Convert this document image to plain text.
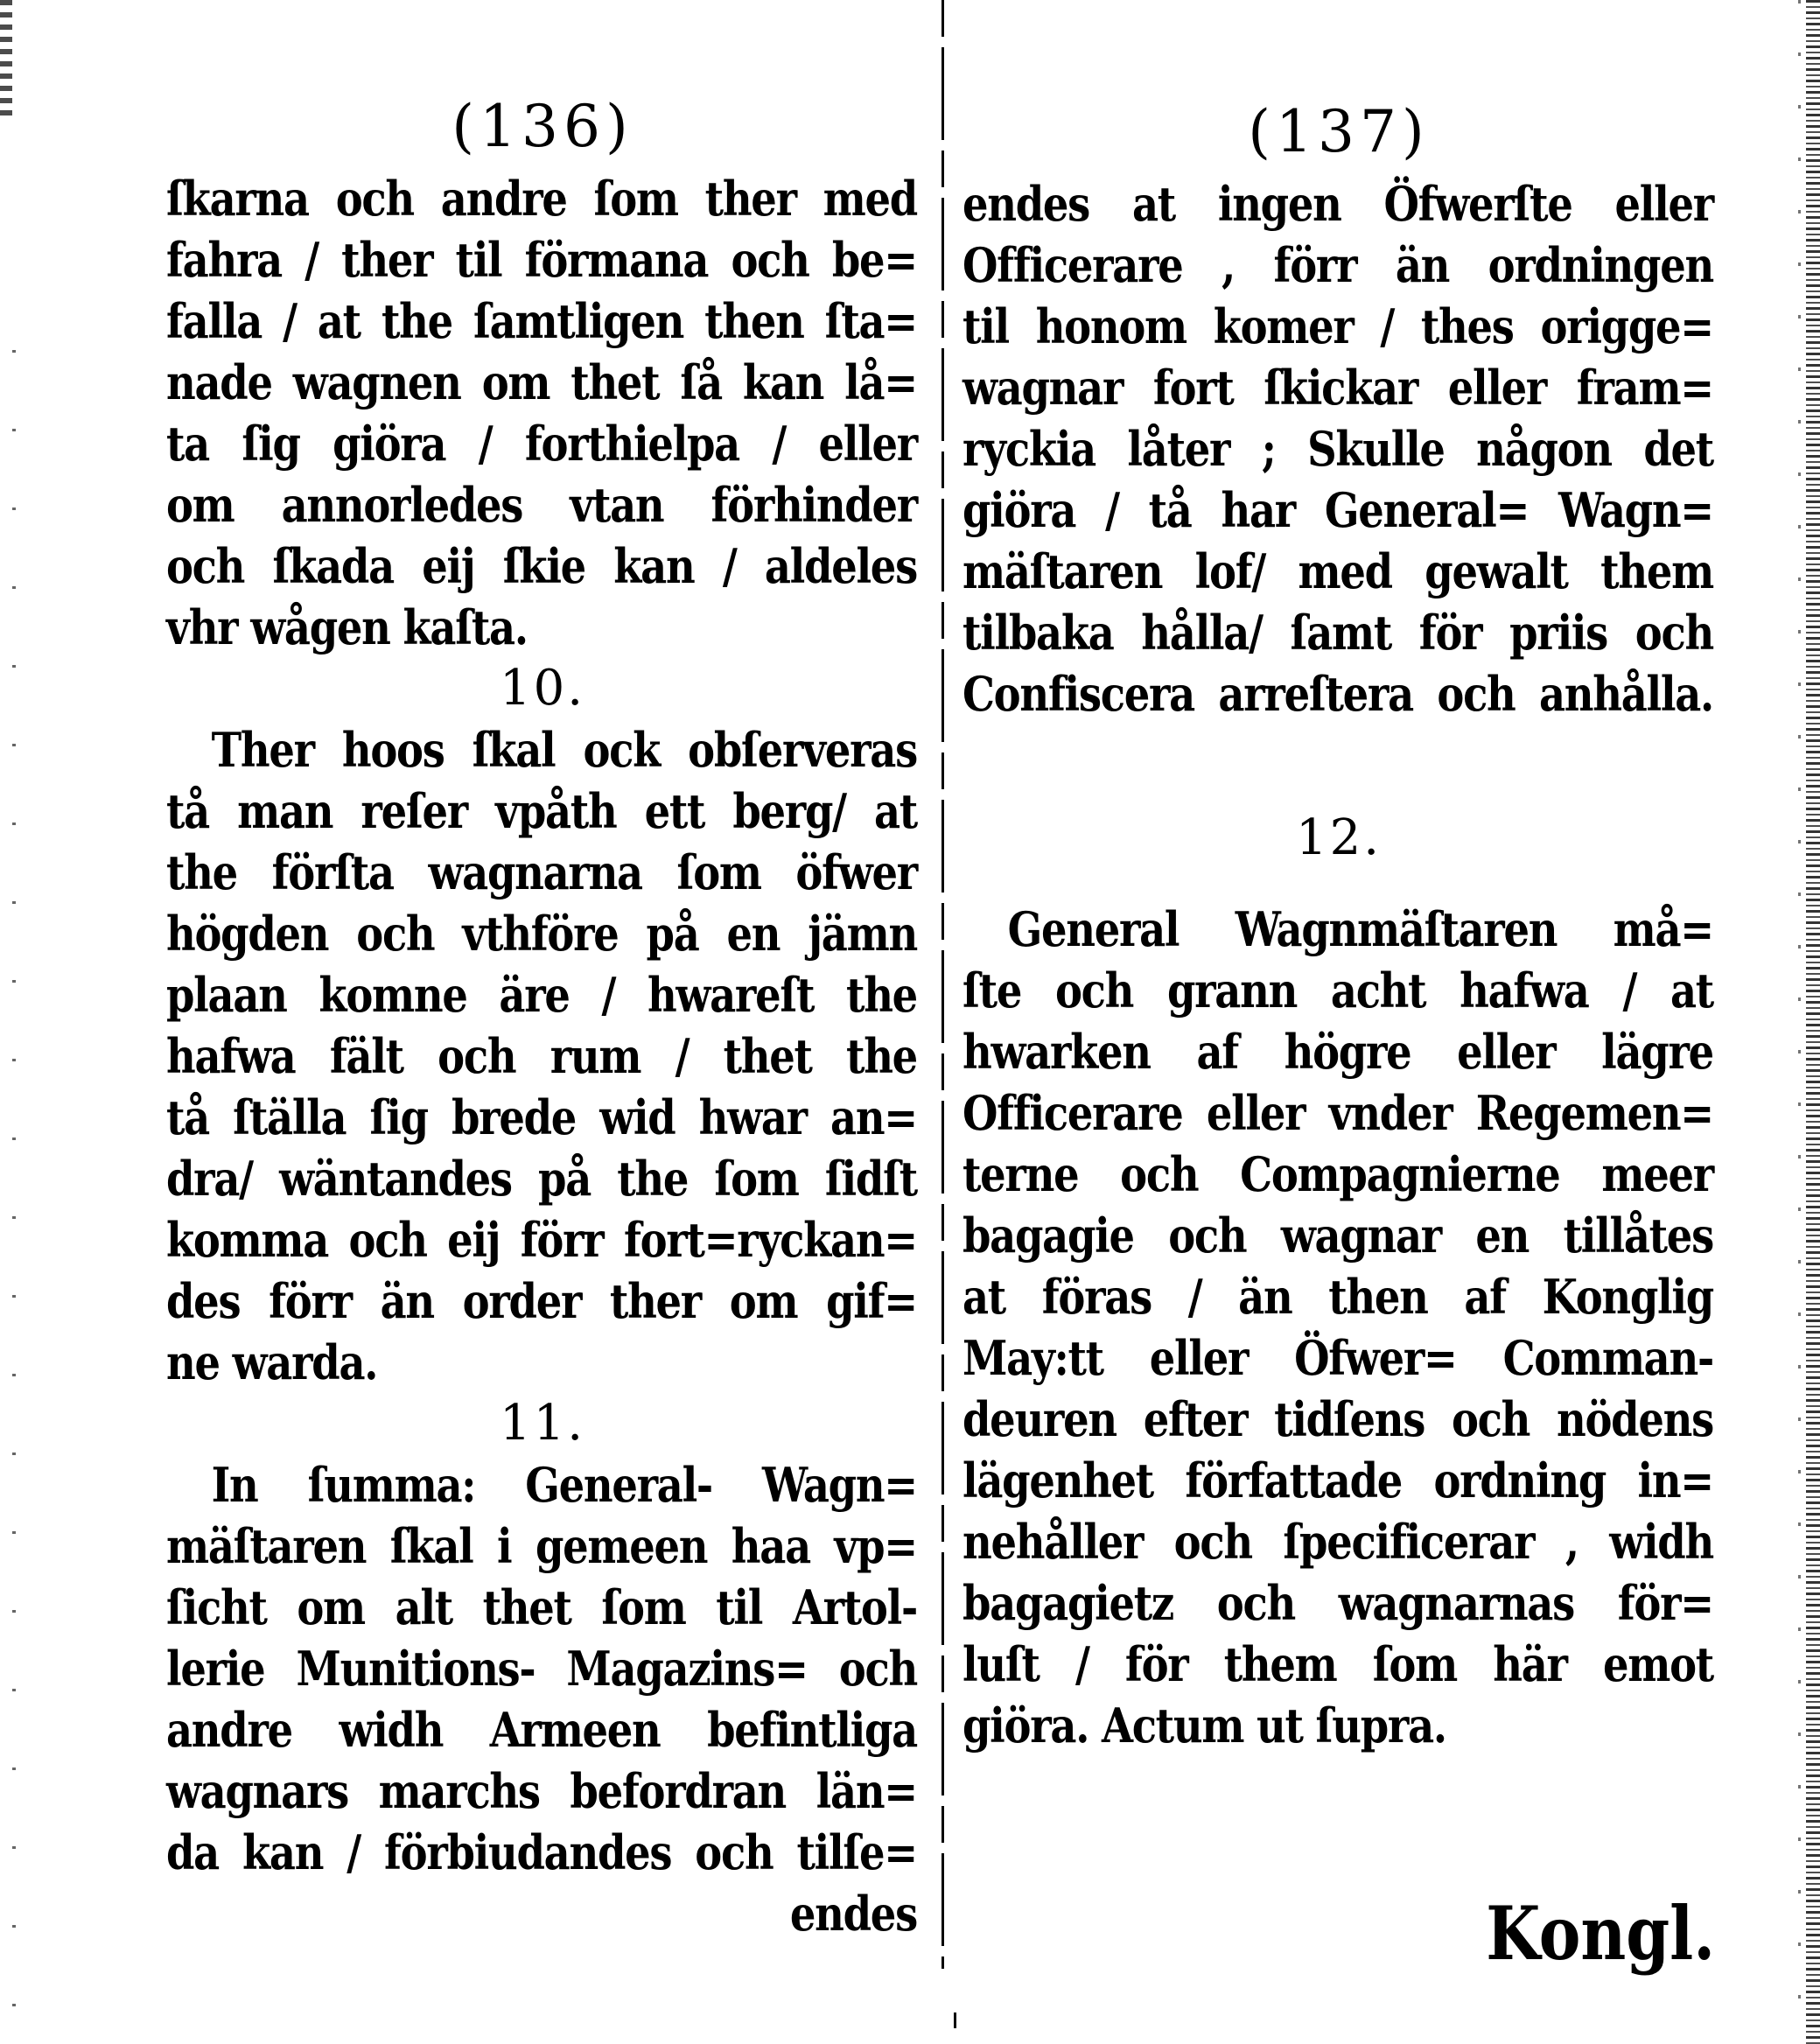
(136)
ſkarna och andre ſom ther med
fahra / ther til förmana och be=
falla / at the ſamtligen then ſta=
nade wagnen om thet ſå kan lå=
ta ſig giöra / forthielpa / eller
om annorledes vtan förhinder
och ſkada eij ſkie kan / aldeles
vhr wågen kaſta.
10.
Ther hoos ſkal ock obſerveras
tå man reſer vpåth ett berg/ at
the förſta wagnarna ſom öfwer
högden och vthföre på en jämn
plaan komne äre / hwareſt the
hafwa fält och rum / thet the
tå ſtälla ſig brede wid hwar an=
dra/ wäntandes på the ſom ſidſt
komma och eij förr fort=ryckan=
des förr än order ther om gif=
ne warda.
11.
In ſumma: General- Wagn=
mäſtaren ſkal i gemeen haa vp=
ſicht om alt thet ſom til Artol-
lerie Munitions- Magazins= och
andre widh Armeen befintliga
wagnars marchs befordran län=
da kan / förbiudandes och tilſe=
endes
(137)
endes at ingen Öfwerſte eller
Officerare , förr än ordningen
til honom komer / thes origge=
wagnar fort ſkickar eller fram=
ryckia låter ; Skulle någon det
giöra / tå har General= Wagn=
mäſtaren lof/ med gewalt them
tilbaka hålla/ ſamt för priis och
Confiscera arreſtera och anhålla.
12.
General Wagnmäſtaren må=
ſte och grann acht hafwa / at
hwarken af högre eller lägre
Officerare eller vnder Regemen=
terne och Compagnierne meer
bagagie och wagnar en tillåtes
at föras / än then af Konglig
May:tt eller Öfwer= Comman-
deuren efter tidſens och nödens
lägenhet författade ordning in=
nehåller och ſpecificerar , widh
bagagietz och wagnarnas för=
luſt / för them ſom här emot
giöra. Actum ut ſupra.
Kongl.
